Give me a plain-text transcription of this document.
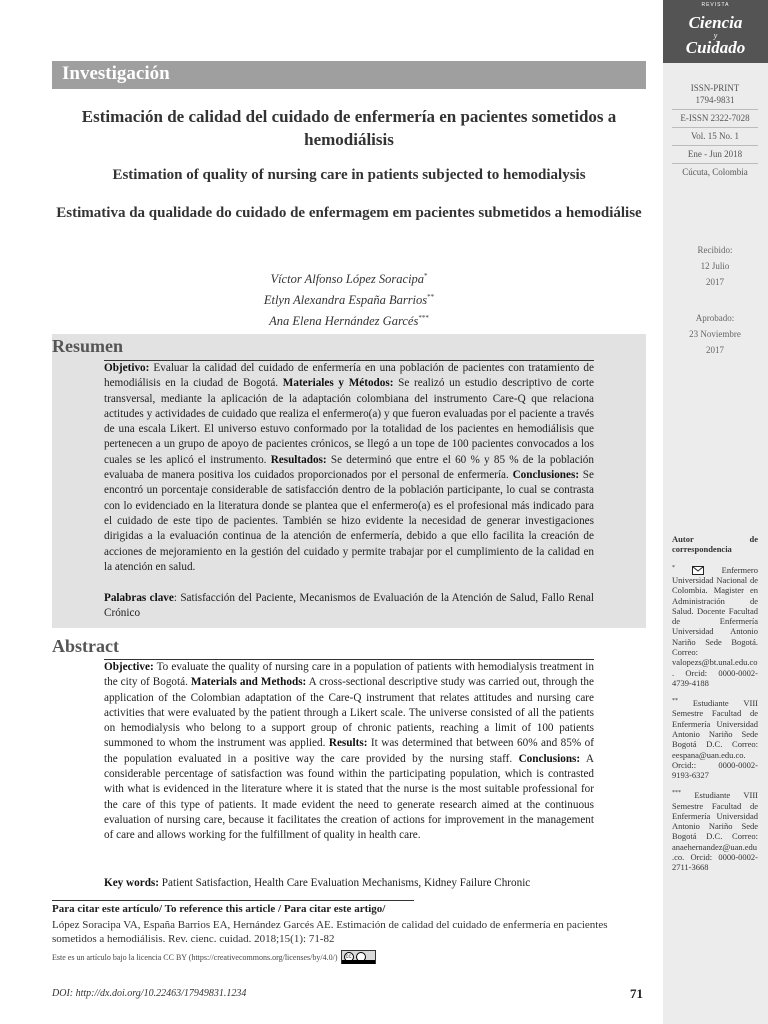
REVISTA
Ciencia
y
Cuidado
ISSN-PRINT
1794-9831
E-ISSN 2322-7028
Vol. 15 No. 1
Ene - Jun 2018
Cúcuta, Colombia
Recibido:
12 Julio
2017
Aprobado:
23 Noviembre
2017
Autor de correspondencia
*	Enfermero Universidad Nacional de Colombia. Magister en Administración de Salud. Docente Facultad de Enfermería Universidad Antonio Nariño Sede Bogotá. Correo: valopezs@bt.unal.edu.co. Orcid: 0000-0002-4739-4188
** Estudiante VIII Semestre Facultad de Enfermería Universidad Antonio Nariño Sede Bogotá D.C. Correo: eespana@uan.edu.co. Orcid:: 0000-0002- 9193-6327
*** Estudiante VIII Semestre Facultad de Enfermería Universidad Antonio Nariño Sede Bogotá D.C. Correo: anaehernandez@uan.edu.co. Orcid: 0000-0002- 2711-3668
Investigación
Estimación de calidad del cuidado de enfermería en pacientes sometidos a hemodiálisis
Estimation of quality of nursing care in patients subjected to hemodialysis
Estimativa da qualidade do cuidado de enfermagem em pacientes submetidos a hemodiálise
Víctor Alfonso López Soracipa*
Etlyn Alexandra España Barrios**
Ana Elena Hernández Garcés***
Resumen
Objetivo: Evaluar la calidad del cuidado de enfermería en una población de pacientes con tratamiento de hemodiálisis en la ciudad de Bogotá. Materiales y Métodos: Se realizó un estudio descriptivo de corte transversal, mediante la aplicación de la adaptación colombiana del instrumento Care-Q que relaciona actitudes y actividades de cuidado que realiza el enfermero(a) y que fueron evaluadas por el paciente a través de una escala Likert. El universo estuvo conformado por la totalidad de los pacientes en hemodiálisis que pertenecen a un grupo de apoyo de pacientes crónicos, se llegó a un tope de 100 pacientes convocados a los cuales se les aplicó el instrumento. Resultados: Se determinó que entre el 60 % y 85 % de la población evaluaba de manera positiva los cuidados proporcionados por el personal de enfermería. Conclusiones: Se encontró un porcentaje considerable de satisfacción dentro de la población participante, lo cual se contrasta con lo evidenciado en la literatura donde se plantea que el enfermero(a) es el profesional más indicado para el cuidado de este tipo de pacientes. También se hizo evidente la necesidad de generar investigaciones dirigidas a la evaluación continua de la atención de enfermería, debido a que ello facilita la creación de acciones de mejoramiento en la gestión del cuidado y permite trabajar por el cumplimiento de la calidad en la atención en salud.
Palabras clave: Satisfacción del Paciente, Mecanismos de Evaluación de la Atención de Salud, Fallo Renal Crónico
Abstract
Objective: To evaluate the quality of nursing care in a population of patients with hemodialysis treatment in the city of Bogotá. Materials and Methods: A cross-sectional descriptive study was carried out, through the application of the Colombian adaptation of the Care-Q instrument that relates attitudes and nursing care activities that were evaluated by the patient through a Likert scale. The universe consisted of all the patients on hemodialysis who belong to a support group of chronic patients, reaching a limit of 100 patients summoned to whom the instrument was applied. Results: It was determined that between 60% and 85% of the population evaluated in a positive way the care provided by the nursing staff. Conclusions: A considerable percentage of satisfaction was found within the participating population, which is contrasted with what is evidenced in the literature where it is stated that the nurse is the most suitable professional for the care of this type of patients. It made evident the need to generate research aimed at the continuous evaluation of nursing care, because it facilitates the creation of actions for improvement in the management of care and allows working for the fulfillment of quality in health care.
Key words: Patient Satisfaction, Health Care Evaluation Mechanisms, Kidney Failure Chronic
Para citar este artículo/ To reference this article / Para citar este artigo/
López Soracipa VA, España Barrios EA, Hernández Garcés AE. Estimación de calidad del cuidado de enfermería en pacientes sometidos a hemodiálisis. Rev. cienc. cuidad. 2018;15(1): 71-82
Este es un artículo bajo la licencia CC BY (https://creativecommons.org/licenses/by/4.0/)	cc
DOI: http://dx.doi.org/10.22463/17949831.1234	71
